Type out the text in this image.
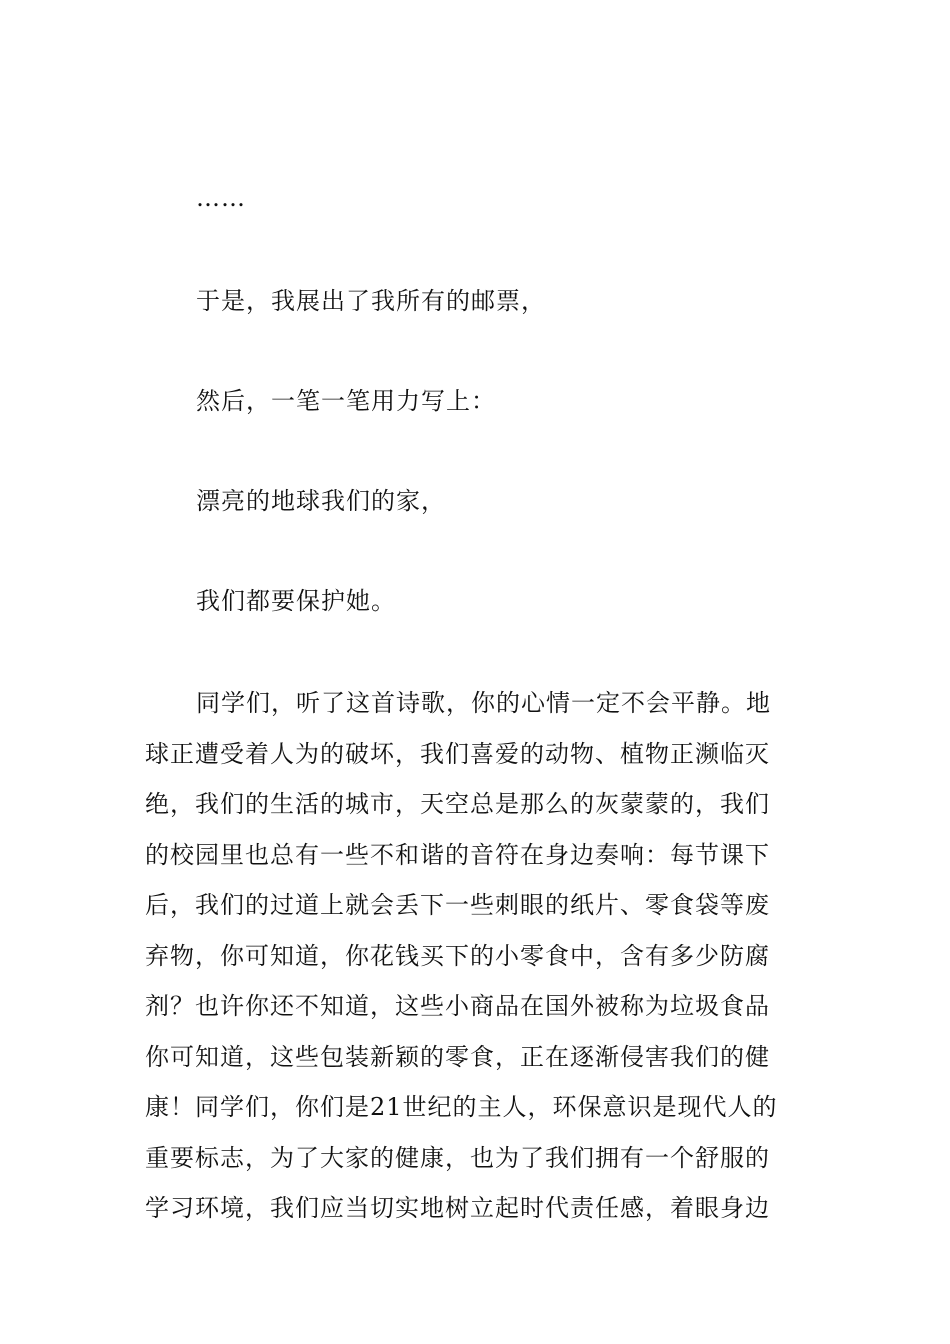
……
于是，我展出了我所有的邮票，
然后，一笔一笔用力写上：
漂亮的地球我们的家，
我们都要保护她。
同学们，听了这首诗歌，你的心情一定不会平静。地
球正遭受着人为的破坏，我们喜爱的动物、植物正濒临灭
绝，我们的生活的城市，天空总是那么的灰蒙蒙的，我们
的校园里也总有一些不和谐的音符在身边奏响：每节课下
后，我们的过道上就会丢下一些刺眼的纸片、零食袋等废
弃物，你可知道，你花钱买下的小零食中，含有多少防腐
剂？也许你还不知道，这些小商品在国外被称为垃圾食品
你可知道，这些包装新颖的零食，正在逐渐侵害我们的健
康！同学们，你们是21世纪的主人，环保意识是现代人的
重要标志，为了大家的健康，也为了我们拥有一个舒服的
学习环境，我们应当切实地树立起时代责任感，着眼身边
